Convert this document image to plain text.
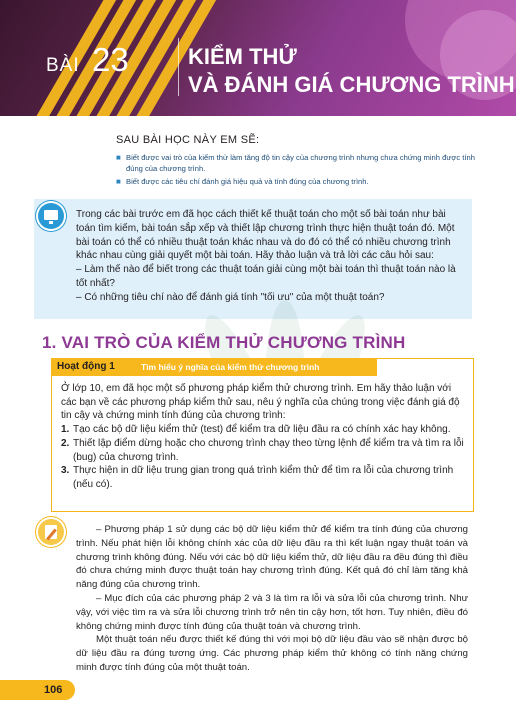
BÀI 23	KIỂM THỬ
VÀ ĐÁNH GIÁ CHƯƠNG TRÌNH
SAU BÀI HỌC NÀY EM SẼ:
■ Biết được vai trò của kiểm thử làm tăng độ tin cậy của chương trình nhưng chưa chứng minh được tính đúng của chương trình.
■ Biết được các tiêu chí đánh giá hiệu quả và tính đúng của chương trình.

Trong các bài trước em đã học cách thiết kế thuật toán cho một số bài toán như bài toán tìm kiếm, bài toán sắp xếp và thiết lập chương trình thực hiện thuật toán đó. Một bài toán có thể có nhiều thuật toán khác nhau và do đó có thể có nhiều chương trình khác nhau cùng giải quyết một bài toán. Hãy thảo luận và trả lời các câu hỏi sau:

– Làm thế nào để biết trong các thuật toán giải cùng một bài toán thì thuật toán nào là tốt nhất?

– Có những tiêu chí nào để đánh giá tính "tối ưu" của một thuật toán?

1. VAI TRÒ CỦA KIỂM THỬ CHƯƠNG TRÌNH
Hoạt động 1	Tìm hiểu ý nghĩa của kiểm thử chương trình

Ở lớp 10, em đã học một số phương pháp kiểm thử chương trình. Em hãy thảo luận với các bạn về các phương pháp kiểm thử sau, nêu ý nghĩa của chúng trong việc đánh giá độ tin cậy và chứng minh tính đúng của chương trình:

1. Tạo các bộ dữ liệu kiểm thử (test) để kiểm tra dữ liệu đầu ra có chính xác hay không.

2. Thiết lập điểm dừng hoặc cho chương trình chạy theo từng lệnh để kiểm tra và tìm ra lỗi (bug) của chương trình.

3. Thực hiện in dữ liệu trung gian trong quá trình kiểm thử để tìm ra lỗi của chương trình (nếu có).

– Phương pháp 1 sử dụng các bộ dữ liệu kiểm thử để kiểm tra tính đúng của chương trình. Nếu phát hiện lỗi không chính xác của dữ liệu đầu ra thì kết luận ngay thuật toán và chương trình không đúng. Nếu với các bộ dữ liệu kiểm thử, dữ liệu đầu ra đều đúng thì điều đó chưa chứng minh được thuật toán hay chương trình đúng. Kết quả đó chỉ làm tăng khả năng đúng của chương trình.

– Mục đích của các phương pháp 2 và 3 là tìm ra lỗi và sửa lỗi của chương trình. Như vậy, với việc tìm ra và sửa lỗi chương trình trở nên tin cậy hơn, tốt hơn. Tuy nhiên, điều đó không chứng minh được tính đúng của thuật toán và chương trình.

Một thuật toán nếu được thiết kế đúng thì với mọi bộ dữ liệu đầu vào sẽ nhận được bộ dữ liệu đầu ra đúng tương ứng. Các phương pháp kiểm thử không có tính năng chứng minh được tính đúng của một thuật toán.

106
